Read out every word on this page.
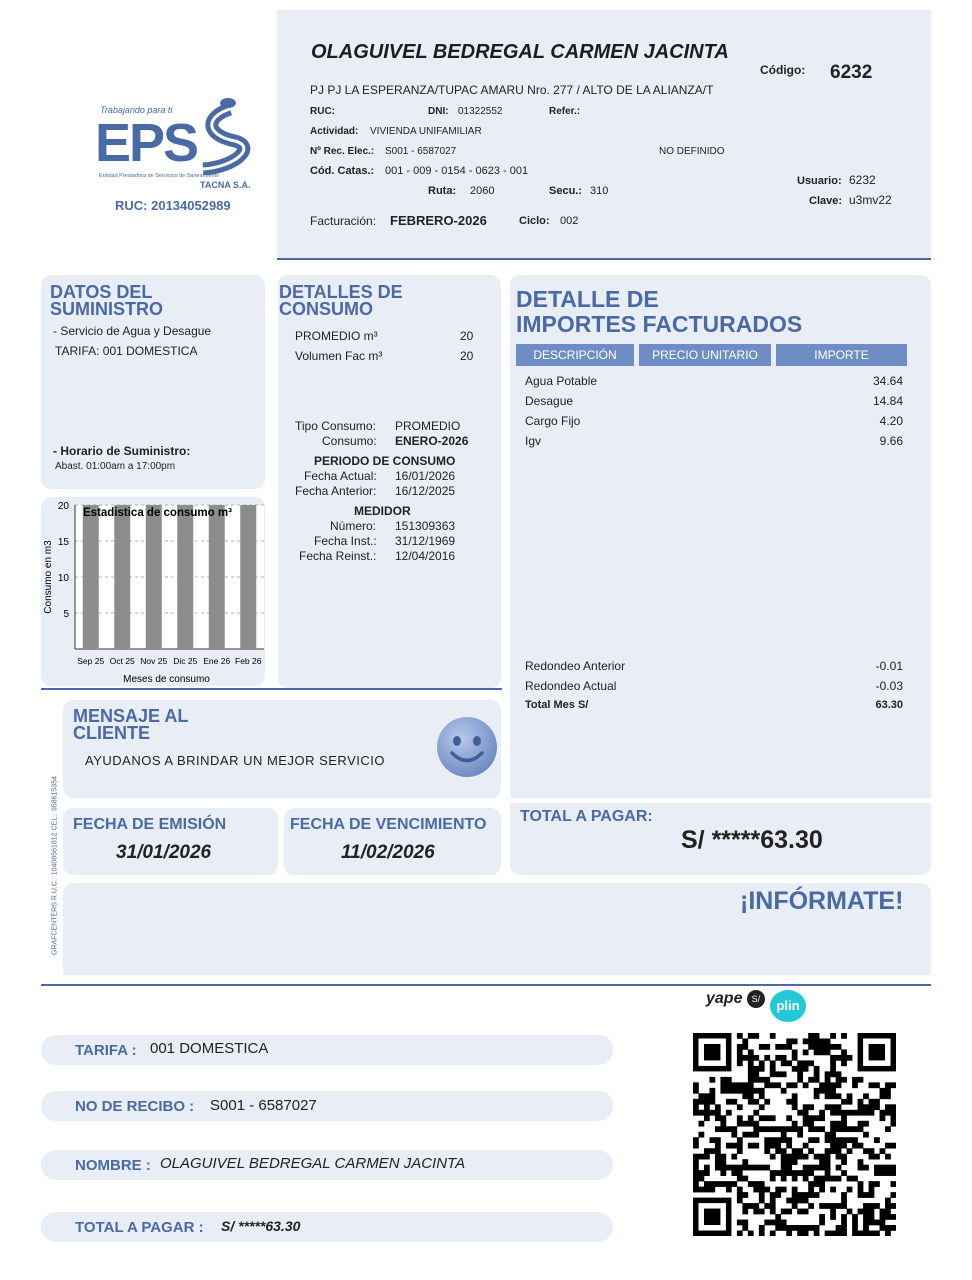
Trabajando para ti
EPS
Entidad Prestadora de Servicios de Saneamiento
TACNA S.A.
RUC: 20134052989
OLAGUIVEL BEDREGAL CARMEN JACINTA
Código: 6232
PJ PJ LA ESPERANZA/TUPAC AMARU Nro. 277 / ALTO DE LA ALIANZA/T
RUC:	DNI: 01322552	Refer.:
Actividad: VIVIENDA UNIFAMILIAR
Nº Rec. Elec.: S001 - 6587027	NO DEFINIDO
Cód. Catas.: 001 - 009 - 0154 - 0623 - 001
Ruta: 2060	Secu.: 310
Usuario: 6232
Clave: u3mv22
Facturación: FEBRERO-2026	Ciclo: 002
DATOS DEL
SUMINISTRO
- Servicio de Agua y Desague
TARIFA: 001 DOMESTICA
- Horario de Suministro:
Abast. 01:00am a 17:00pm
5
10
15
20
Sep 25 Oct 25 Nov 25 Dic 25 Ene 26 Feb 26
Estadistica de consumo m³
Meses de consumo
Consumo en m3
DETALLES DE
CONSUMO
PROMEDIO m³	20
Volumen Fac m³	20
Tipo Consumo: PROMEDIO
Consumo: ENERO-2026
PERIODO DE CONSUMO
Fecha Actual: 16/01/2026
Fecha Anterior: 16/12/2025
MEDIDOR
Número: 151309363
Fecha Inst.: 31/12/1969
Fecha Reinst.: 12/04/2016
DETALLE DE
IMPORTES FACTURADOS
DESCRIPCIÓN	PRECIO UNITARIO	IMPORTE
Agua Potable	34.64
Desague	14.84
Cargo Fijo	4.20
Igv	9.66
Redondeo Anterior	-0.01
Redondeo Actual	-0.03
Total Mes S/	63.30
MENSAJE AL
CLIENTE
AYUDANOS A BRINDAR UN MEJOR SERVICIO
GRAFCENTERS R.U.C.: 10408561812 CEL.: 958615354 FECHA DE EMISIÓN
31/01/2026
FECHA DE VENCIMIENTO
11/02/2026
TOTAL A PAGAR:
S/ *****63.30
¡INFÓRMATE!
yape S/	plin
TARIFA : 001 DOMESTICA
NO DE RECIBO : S001 - 6587027
NOMBRE : OLAGUIVEL BEDREGAL CARMEN JACINTA
TOTAL A PAGAR : S/ *****63.30
